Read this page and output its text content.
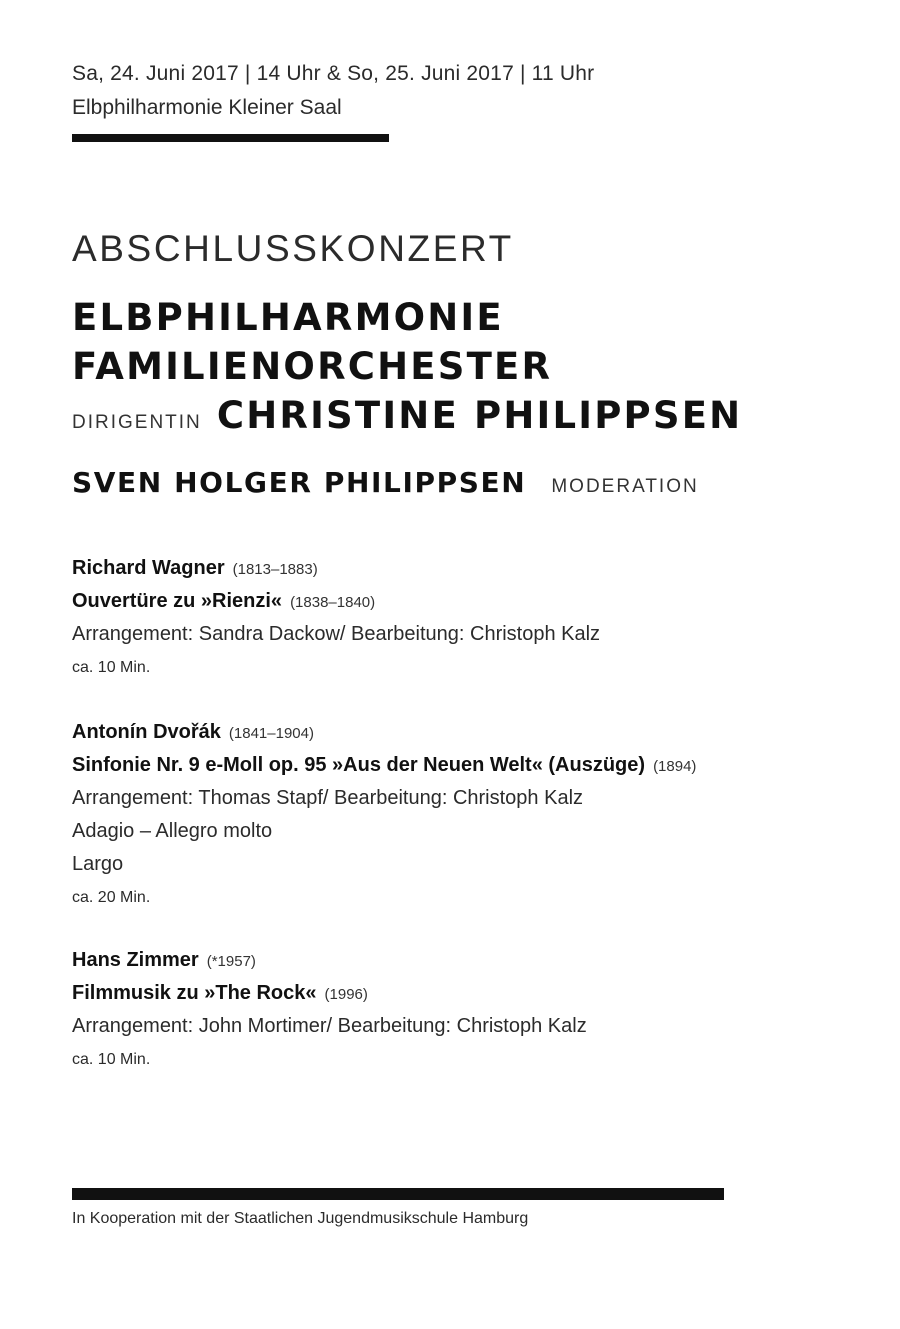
Sa, 24. Juni 2017 | 14 Uhr & So, 25. Juni 2017 | 11 Uhr
Elbphilharmonie Kleiner Saal
ABSCHLUSSKONZERT
ELBPHILHARMONIE
FAMILIENORCHESTER
DIRIGENTIN CHRISTINE PHILIPPSEN
SVEN HOLGER PHILIPPSEN MODERATION
Richard Wagner (1813–1883)
Ouvertüre zu »Rienzi« (1838–1840)
Arrangement: Sandra Dackow/ Bearbeitung: Christoph Kalz
ca. 10 Min.
Antonín Dvořák (1841–1904)
Sinfonie Nr. 9 e-Moll op. 95 »Aus der Neuen Welt« (Auszüge) (1894)
Arrangement: Thomas Stapf/ Bearbeitung: Christoph Kalz
Adagio – Allegro molto
Largo
ca. 20 Min.
Hans Zimmer (*1957)
Filmmusik zu »The Rock« (1996)
Arrangement: John Mortimer/ Bearbeitung: Christoph Kalz
ca. 10 Min.
In Kooperation mit der Staatlichen Jugendmusikschule Hamburg
